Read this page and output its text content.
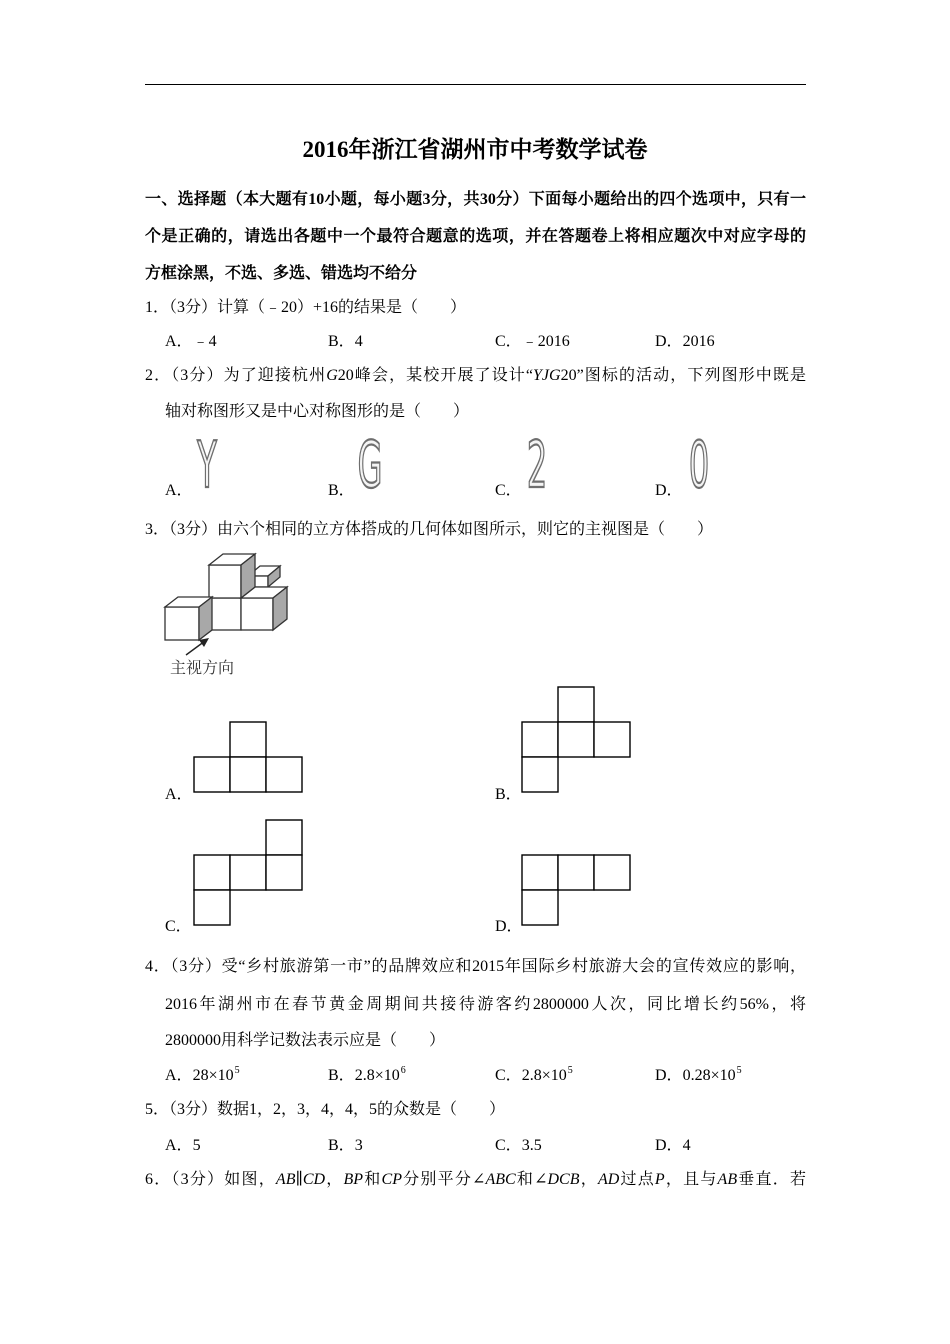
2016年浙江省湖州市中考数学试卷
一、选择题（本大题有10小题，每小题3分，共30分）下面每小题给出的四个选项中，只有一
个是正确的，请选出各题中一个最符合题意的选项，并在答题卷上将相应题次中对应字母的
方框涂黑，不选、多选、错选均不给分
1．（3分）计算（﹣20）+16的结果是（　　）
A．﹣4	B．4	C．﹣2016	D．2016
2．（3分）为了迎接杭州G20峰会，某校开展了设计“YJG20”图标的活动，下列图形中既是
轴对称图形又是中心对称图形的是（　　）
Y G 2 0
A．	B．	C．	D．
3．（3分）由六个相同的立方体搭成的几何体如图所示，则它的主视图是（　　）
主视方向
A．	B．
C．	D．
4．（3分）受“乡村旅游第一市”的品牌效应和2015年国际乡村旅游大会的宣传效应的影响，
2016年湖州市在春节黄金周期间共接待游客约2800000人次，同比增长约56%，将
2800000用科学记数法表示应是（　　）
A．$28\times 10^5$	B．$2.8\times 10^6$	C．$2.8\times 10^5$	D．$0.28\times 10^5$
5．（3分）数据1，2，3，4，4，5的众数是（　　）
A．5	B．3	C．3.5	D．4
6．（3分）如图，AB∥CD，BP和CP分别平分∠ABC和∠DCB，AD过点P，且与AB垂直．若
